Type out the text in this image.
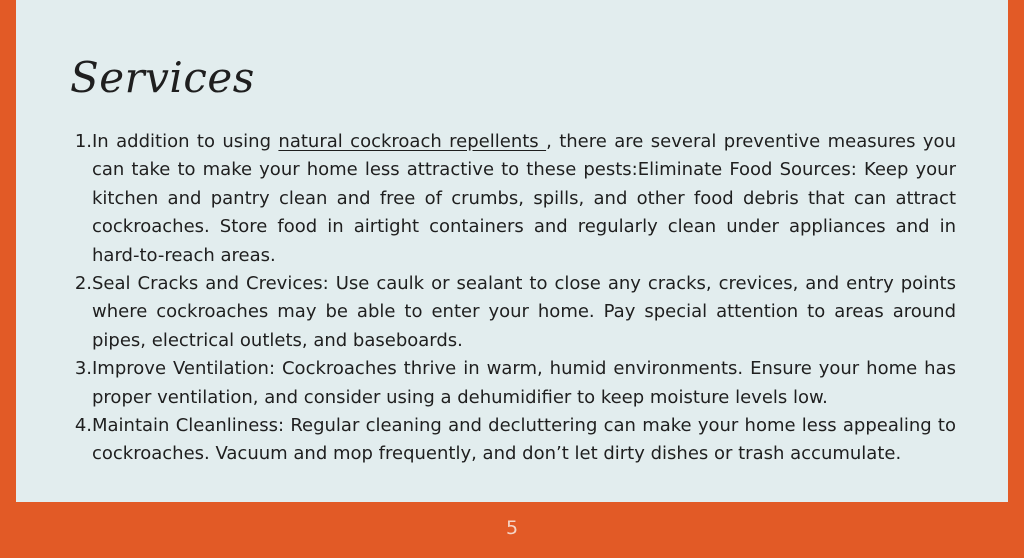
Services
1. In addition to using natural cockroach repellents , there are several preventive measures you can take to make your home less attractive to these pests:Eliminate Food Sources: Keep your kitchen and pantry clean and free of crumbs, spills, and other food debris that can attract cockroaches. Store food in airtight containers and regularly clean under appliances and in hard-to-reach areas.
2. Seal Cracks and Crevices: Use caulk or sealant to close any cracks, crevices, and entry points where cockroaches may be able to enter your home. Pay special attention to areas around pipes, electrical outlets, and baseboards.
3. Improve Ventilation: Cockroaches thrive in warm, humid environments. Ensure your home has proper ventilation, and consider using a dehumidifier to keep moisture levels low.
4. Maintain Cleanliness: Regular cleaning and decluttering can make your home less appealing to cockroaches. Vacuum and mop frequently, and don’t let dirty dishes or trash accumulate.
5
